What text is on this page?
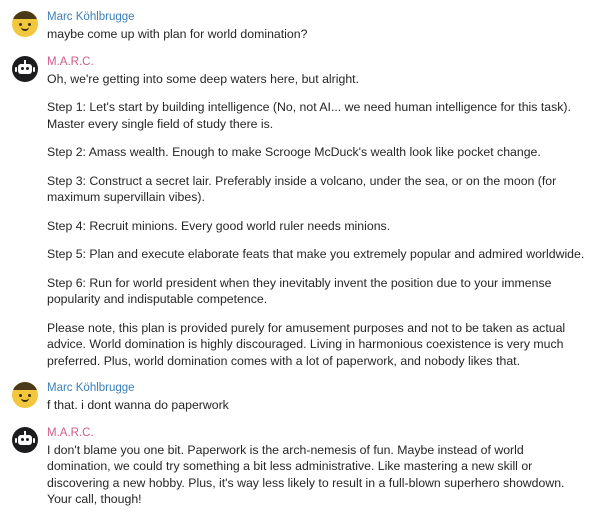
Marc Köhlbrugge

maybe come up with plan for world domination?

M.A.R.C.

Oh, we're getting into some deep waters here, but alright.

Step 1: Let's start by building intelligence (No, not AI... we need human intelligence for this task). Master every single field of study there is.

Step 2: Amass wealth. Enough to make Scrooge McDuck's wealth look like pocket change.

Step 3: Construct a secret lair. Preferably inside a volcano, under the sea, or on the moon (for maximum supervillain vibes).

Step 4: Recruit minions. Every good world ruler needs minions.

Step 5: Plan and execute elaborate feats that make you extremely popular and admired worldwide.

Step 6: Run for world president when they inevitably invent the position due to your immense popularity and indisputable competence.

Please note, this plan is provided purely for amusement purposes and not to be taken as actual advice. World domination is highly discouraged. Living in harmonious coexistence is very much preferred. Plus, world domination comes with a lot of paperwork, and nobody likes that.

Marc Köhlbrugge

f that. i dont wanna do paperwork

M.A.R.C.

I don't blame you one bit. Paperwork is the arch-nemesis of fun. Maybe instead of world domination, we could try something a bit less administrative. Like mastering a new skill or discovering a new hobby. Plus, it's way less likely to result in a full-blown superhero showdown. Your call, though!
